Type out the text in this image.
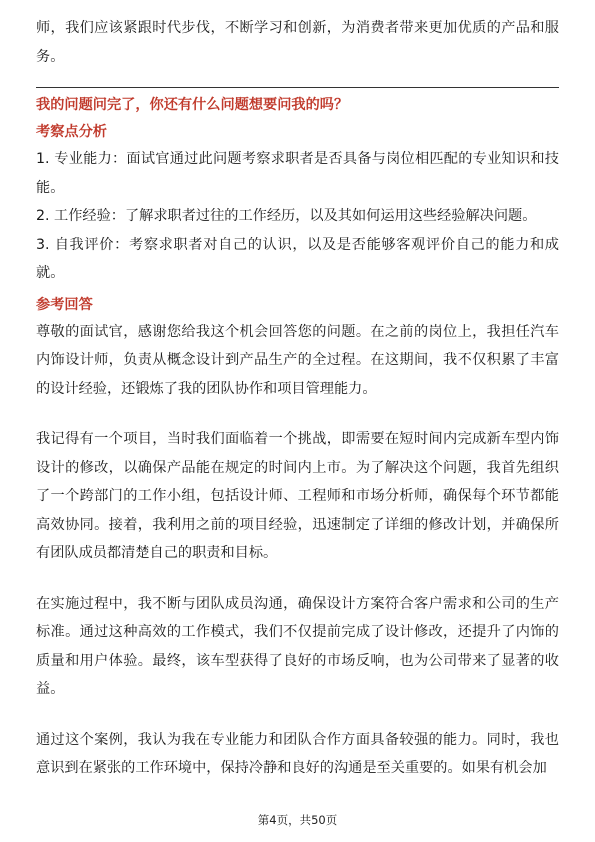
师，我们应该紧跟时代步伐，不断学习和创新，为消费者带来更加优质的产品和服务。

我的问题问完了，你还有什么问题想要问我的吗？

考察点分析

1. 专业能力：面试官通过此问题考察求职者是否具备与岗位相匹配的专业知识和技能。

2. 工作经验：了解求职者过往的工作经历，以及其如何运用这些经验解决问题。

3. 自我评价：考察求职者对自己的认识，以及是否能够客观评价自己的能力和成就。

参考回答

尊敬的面试官，感谢您给我这个机会回答您的问题。在之前的岗位上，我担任汽车内饰设计师，负责从概念设计到产品生产的全过程。在这期间，我不仅积累了丰富的设计经验，还锻炼了我的团队协作和项目管理能力。

我记得有一个项目，当时我们面临着一个挑战，即需要在短时间内完成新车型内饰设计的修改，以确保产品能在规定的时间内上市。为了解决这个问题，我首先组织了一个跨部门的工作小组，包括设计师、工程师和市场分析师，确保每个环节都能高效协同。接着，我利用之前的项目经验，迅速制定了详细的修改计划，并确保所有团队成员都清楚自己的职责和目标。

在实施过程中，我不断与团队成员沟通，确保设计方案符合客户需求和公司的生产标准。通过这种高效的工作模式，我们不仅提前完成了设计修改，还提升了内饰的质量和用户体验。最终，该车型获得了良好的市场反响，也为公司带来了显著的收益。

通过这个案例，我认为我在专业能力和团队合作方面具备较强的能力。同时，我也意识到在紧张的工作环境中，保持冷静和良好的沟通是至关重要的。如果有机会加

第4页，共50页
